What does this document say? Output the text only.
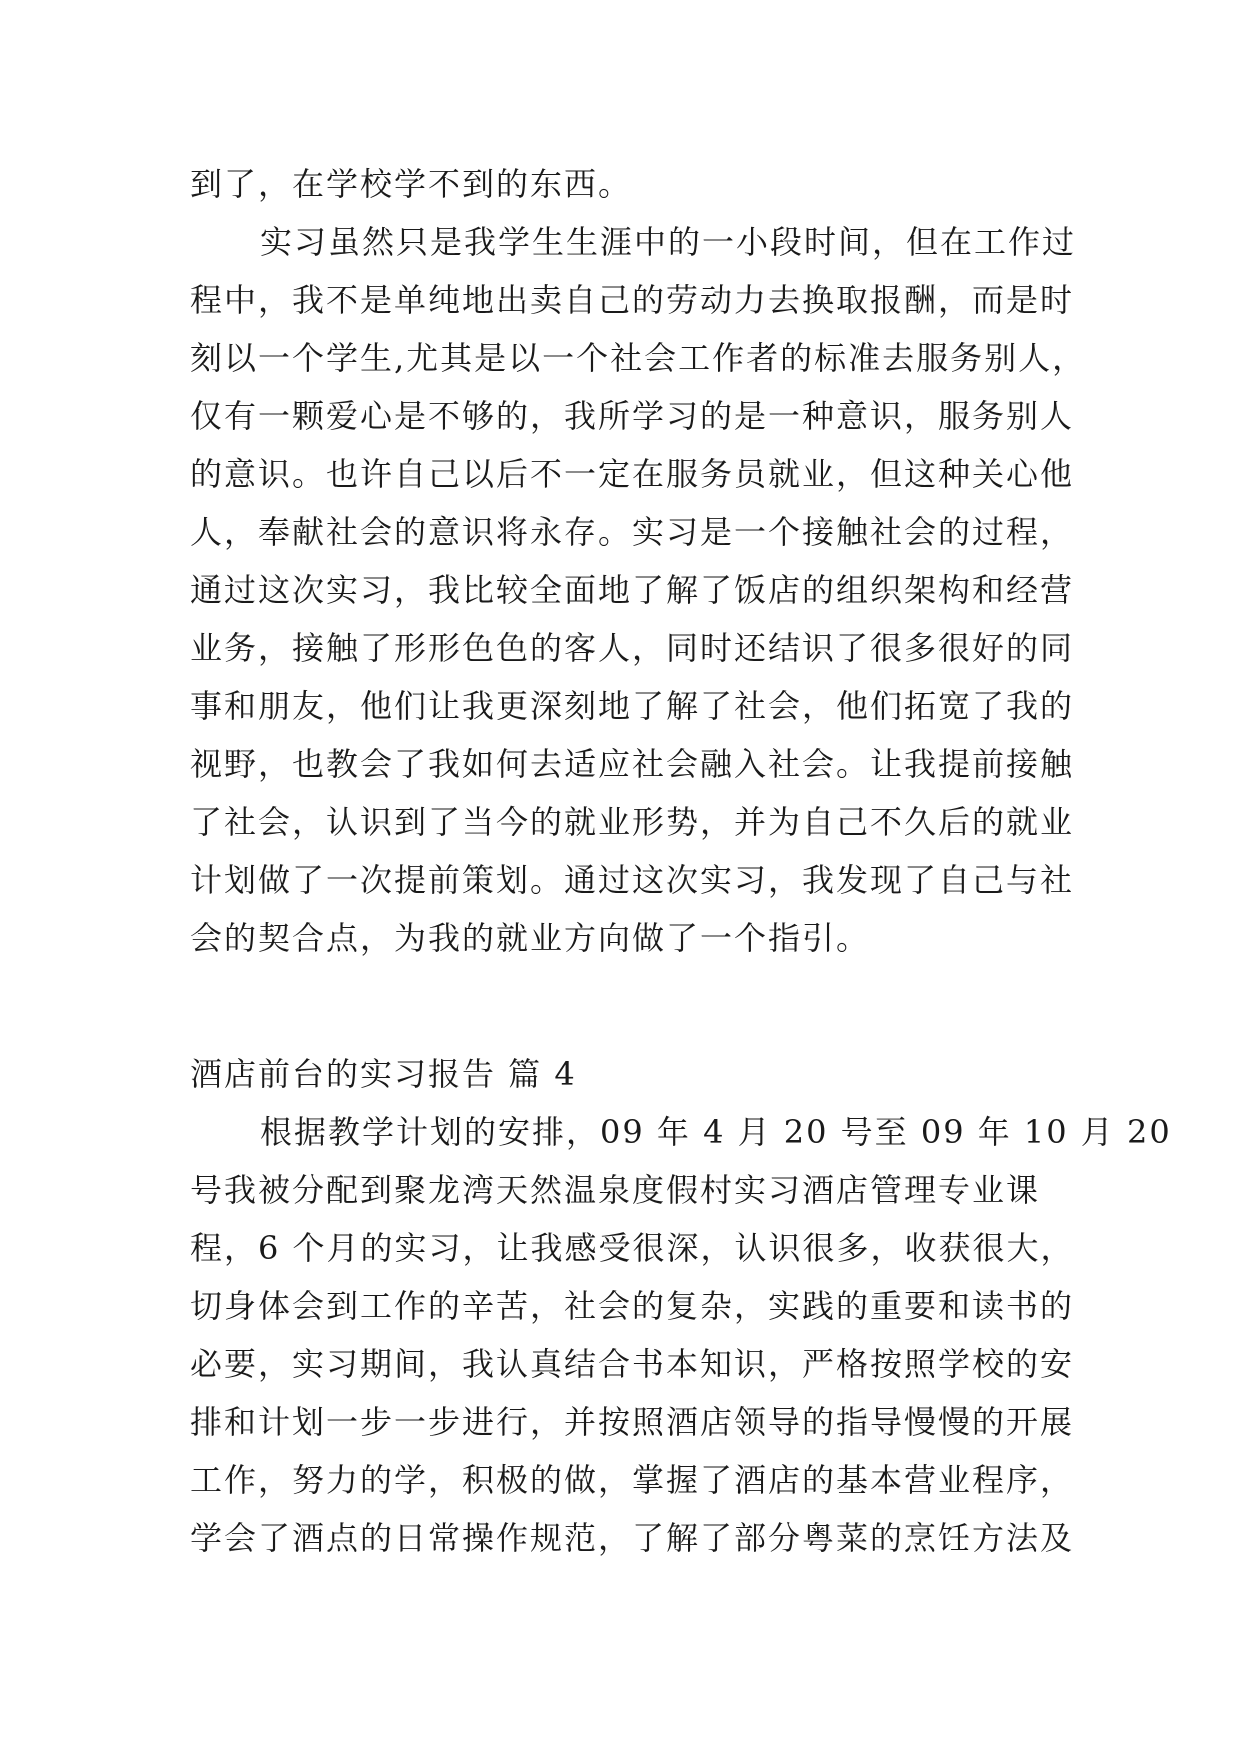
到了，在学校学不到的东西。
实习虽然只是我学生生涯中的一小段时间，但在工作过
程中，我不是单纯地出卖自己的劳动力去换取报酬，而是时
刻以一个学生,尤其是以一个社会工作者的标准去服务别人，
仅有一颗爱心是不够的，我所学习的是一种意识，服务别人
的意识。也许自己以后不一定在服务员就业，但这种关心他
人，奉献社会的意识将永存。实习是一个接触社会的过程，
通过这次实习，我比较全面地了解了饭店的组织架构和经营
业务，接触了形形色色的客人，同时还结识了很多很好的同
事和朋友，他们让我更深刻地了解了社会，他们拓宽了我的
视野，也教会了我如何去适应社会融入社会。让我提前接触
了社会，认识到了当今的就业形势，并为自己不久后的就业
计划做了一次提前策划。通过这次实习，我发现了自己与社
会的契合点，为我的就业方向做了一个指引。
酒店前台的实习报告 篇 4
根据教学计划的安排，09 年 4 月 20 号至 09 年 10 月 20
号我被分配到聚龙湾天然温泉度假村实习酒店管理专业课
程，6 个月的实习，让我感受很深，认识很多，收获很大，
切身体会到工作的辛苦，社会的复杂，实践的重要和读书的
必要，实习期间，我认真结合书本知识，严格按照学校的安
排和计划一步一步进行，并按照酒店领导的指导慢慢的开展
工作，努力的学，积极的做，掌握了酒店的基本营业程序，
学会了酒点的日常操作规范，了解了部分粤菜的烹饪方法及
